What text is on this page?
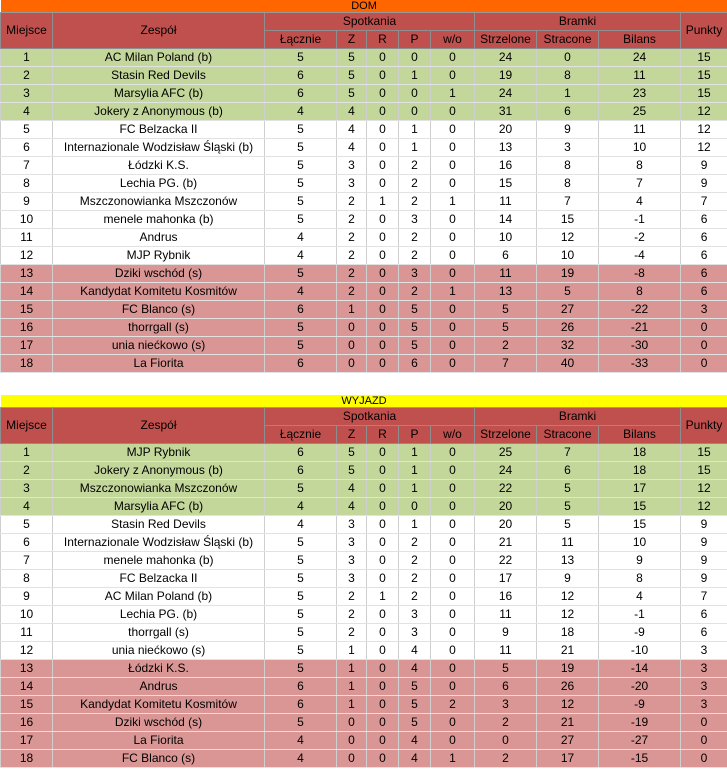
DOM										
Miejsce	Zespół	Spotkania					Bramki			Punkty
		Łącznie	Z	R	P	w/o	Strzelone	Stracone	Bilans	
1	AC Milan Poland (b)	5	5	0	0	0	24	0	24	15
2	Stasin Red Devils	6	5	0	1	0	19	8	11	15
3	Marsylia AFC (b)	6	5	0	0	1	24	1	23	15
4	Jokery z Anonymous (b)	4	4	0	0	0	31	6	25	12
5	FC Belzacka II	5	4	0	1	0	20	9	11	12
6	Internazionale Wodzisław Śląski (b)	5	4	0	1	0	13	3	10	12
7	Łódzki K.S.	5	3	0	2	0	16	8	8	9
8	Lechia PG. (b)	5	3	0	2	0	15	8	7	9
9	Mszczonowianka Mszczonów	5	2	1	2	1	11	7	4	7
10	menele mahonka (b)	5	2	0	3	0	14	15	-1	6
11	Andrus	4	2	0	2	0	10	12	-2	6
12	MJP Rybnik	4	2	0	2	0	6	10	-4	6
13	Dziki wschód (s)	5	2	0	3	0	11	19	-8	6
14	Kandydat Komitetu Kosmitów	4	2	0	2	1	13	5	8	6
15	FC Blanco (s)	6	1	0	5	0	5	27	-22	3
16	thorrgall (s)	5	0	0	5	0	5	26	-21	0
17	unia niećkowo (s)	5	0	0	5	0	2	32	-30	0
18	La Fiorita	6	0	0	6	0	7	40	-33	0
WYJAZD										
Miejsce	Zespół	Spotkania					Bramki			Punkty
		Łącznie	Z	R	P	w/o	Strzelone	Stracone	Bilans	
1	MJP Rybnik	6	5	0	1	0	25	7	18	15
2	Jokery z Anonymous (b)	6	5	0	1	0	24	6	18	15
3	Mszczonowianka Mszczonów	5	4	0	1	0	22	5	17	12
4	Marsylia AFC (b)	4	4	0	0	0	20	5	15	12
5	Stasin Red Devils	4	3	0	1	0	20	5	15	9
6	Internazionale Wodzisław Śląski (b)	5	3	0	2	0	21	11	10	9
7	menele mahonka (b)	5	3	0	2	0	22	13	9	9
8	FC Belzacka II	5	3	0	2	0	17	9	8	9
9	AC Milan Poland (b)	5	2	1	2	0	16	12	4	7
10	Lechia PG. (b)	5	2	0	3	0	11	12	-1	6
11	thorrgall (s)	5	2	0	3	0	9	18	-9	6
12	unia niećkowo (s)	5	1	0	4	0	11	21	-10	3
13	Łódzki K.S.	5	1	0	4	0	5	19	-14	3
14	Andrus	6	1	0	5	0	6	26	-20	3
15	Kandydat Komitetu Kosmitów	6	1	0	5	2	3	12	-9	3
16	Dziki wschód (s)	5	0	0	5	0	2	21	-19	0
17	La Fiorita	4	0	0	4	0	0	27	-27	0
18	FC Blanco (s)	4	0	0	4	1	2	17	-15	0
